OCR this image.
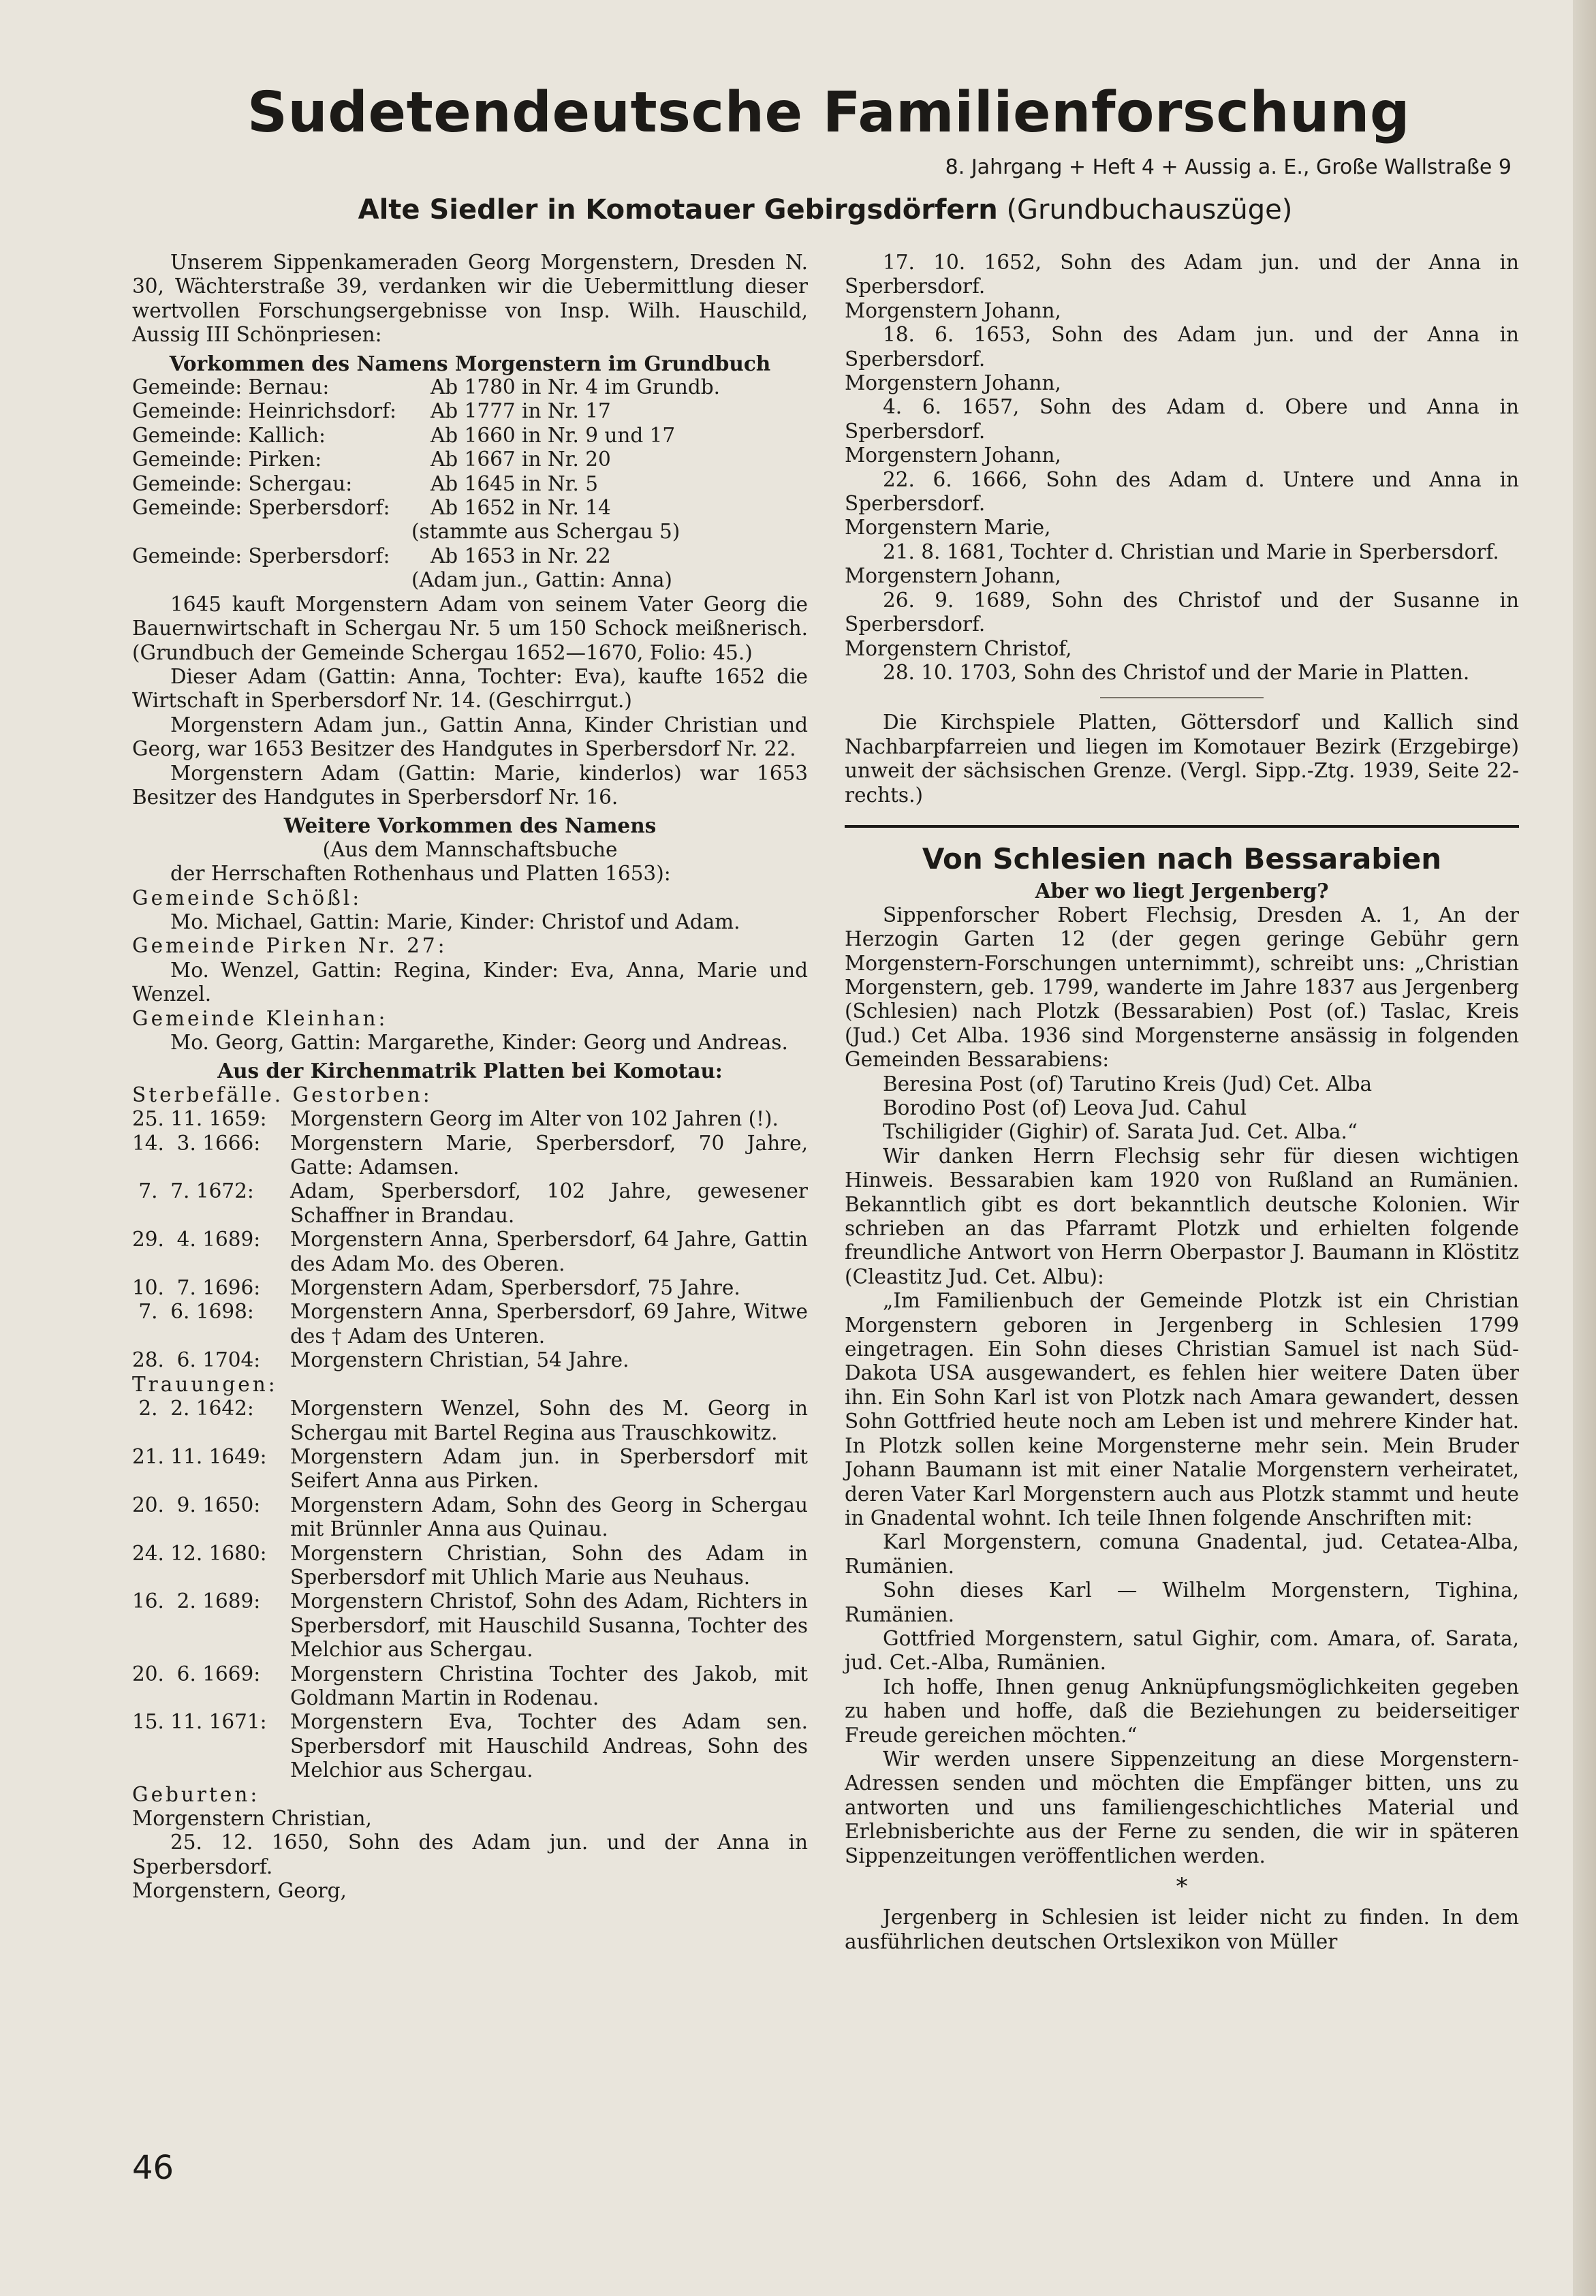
Sudetendeutsche Familienforschung
8. Jahrgang + Heft 4 + Aussig a. E., Große Wallstraße 9
Alte Siedler in Komotauer Gebirgsdörfern (Grundbuchauszüge)

Unserem Sippenkameraden Georg Morgenstern, Dresden N. 30, Wächterstraße 39, verdanken wir die Uebermittlung dieser wertvollen Forschungsergebnisse von Insp. Wilh. Hauschild, Aussig III Schönpriesen:

Vorkommen des Namens Morgenstern im Grundbuch

Gemeinde: Bernau:	Ab 1780 in Nr. 4 im Grundb.
Gemeinde: Heinrichsdorf:	Ab 1777 in Nr. 17
Gemeinde: Kallich:	Ab 1660 in Nr. 9 und 17
Gemeinde: Pirken:	Ab 1667 in Nr. 20
Gemeinde: Schergau:	Ab 1645 in Nr. 5
Gemeinde: Sperbersdorf:	Ab 1652 in Nr. 14
(stammte aus Schergau 5)
Gemeinde: Sperbersdorf:	Ab 1653 in Nr. 22
(Adam jun., Gattin: Anna)

1645 kauft Morgenstern Adam von seinem Vater Georg die Bauernwirtschaft in Schergau Nr. 5 um 150 Schock meißnerisch. (Grundbuch der Gemeinde Schergau 1652—1670, Folio: 45.)

Dieser Adam (Gattin: Anna, Tochter: Eva), kaufte 1652 die Wirtschaft in Sperbersdorf Nr. 14. (Geschirrgut.)

Morgenstern Adam jun., Gattin Anna, Kinder Christian und Georg, war 1653 Besitzer des Handgutes in Sperbersdorf Nr. 22.

Morgenstern Adam (Gattin: Marie, kinderlos) war 1653 Besitzer des Handgutes in Sperbersdorf Nr. 16.

Weitere Vorkommen des Namens

(Aus dem Mannschaftsbuche

der Herrschaften Rothenhaus und Platten 1653):

Gemeinde Schößl:

Mo. Michael, Gattin: Marie, Kinder: Christof und Adam.

Gemeinde Pirken Nr. 27:

Mo. Wenzel, Gattin: Regina, Kinder: Eva, Anna, Marie und Wenzel.

Gemeinde Kleinhan:

Mo. Georg, Gattin: Margarethe, Kinder: Georg und Andreas.

Aus der Kirchenmatrik Platten bei Komotau:

Sterbefälle. Gestorben:

25. 11. 1659:	Morgenstern Georg im Alter von 102 Jahren (!).
14.  3. 1666:	Morgenstern Marie, Sperbersdorf, 70 Jahre, Gatte: Adamsen.
7.  7. 1672:	Adam, Sperbersdorf, 102 Jahre, gewesener Schaffner in Brandau.
29.  4. 1689:	Morgenstern Anna, Sperbersdorf, 64 Jahre, Gattin des Adam Mo. des Oberen.
10.  7. 1696:	Morgenstern Adam, Sperbersdorf, 75 Jahre.
7.  6. 1698:	Morgenstern Anna, Sperbersdorf, 69 Jahre, Witwe des † Adam des Unteren.
28.  6. 1704:	Morgenstern Christian, 54 Jahre.

Trauungen:

2.  2. 1642:	Morgenstern Wenzel, Sohn des M. Georg in Schergau mit Bartel Regina aus Trauschkowitz.
21. 11. 1649:	Morgenstern Adam jun. in Sperbersdorf mit Seifert Anna aus Pirken.
20.  9. 1650:	Morgenstern Adam, Sohn des Georg in Schergau mit Brünnler Anna aus Quinau.
24. 12. 1680:	Morgenstern Christian, Sohn des Adam in Sperbersdorf mit Uhlich Marie aus Neuhaus.
16.  2. 1689:	Morgenstern Christof, Sohn des Adam, Richters in Sperbersdorf, mit Hauschild Susanna, Tochter des Melchior aus Schergau.
20.  6. 1669:	Morgenstern Christina Tochter des Jakob, mit Goldmann Martin in Rodenau.
15. 11. 1671:	Morgenstern Eva, Tochter des Adam sen. Sperbersdorf mit Hauschild Andreas, Sohn des Melchior aus Schergau.

Geburten:

Morgenstern Christian,

25. 12. 1650, Sohn des Adam jun. und der Anna in Sperbersdorf.

Morgenstern, Georg,

17. 10. 1652, Sohn des Adam jun. und der Anna in Sperbersdorf.

Morgenstern Johann,

18. 6. 1653, Sohn des Adam jun. und der Anna in Sperbersdorf.

Morgenstern Johann,

4. 6. 1657, Sohn des Adam d. Obere und Anna in Sperbersdorf.

Morgenstern Johann,

22. 6. 1666, Sohn des Adam d. Untere und Anna in Sperbersdorf.

Morgenstern Marie,

21. 8. 1681, Tochter d. Christian und Marie in Sperbersdorf.

Morgenstern Johann,

26. 9. 1689, Sohn des Christof und der Susanne in Sperbersdorf.

Morgenstern Christof,

28. 10. 1703, Sohn des Christof und der Marie in Platten.

Die Kirchspiele Platten, Göttersdorf und Kallich sind Nachbarpfarreien und liegen im Komotauer Bezirk (Erzgebirge) unweit der sächsischen Grenze. (Vergl. Sipp.-Ztg. 1939, Seite 22-rechts.)

Von Schlesien nach Bessarabien

Aber wo liegt Jergenberg?

Sippenforscher Robert Flechsig, Dresden A. 1, An der Herzogin Garten 12 (der gegen geringe Gebühr gern Morgenstern-Forschungen unternimmt), schreibt uns: „Christian Morgenstern, geb. 1799, wanderte im Jahre 1837 aus Jergenberg (Schlesien) nach Plotzk (Bessarabien) Post (of.) Taslac, Kreis (Jud.) Cet Alba. 1936 sind Morgensterne ansässig in folgenden Gemeinden Bessarabiens:

Beresina Post (of) Tarutino Kreis (Jud) Cet. Alba

Borodino Post (of) Leova Jud. Cahul

Tschiligider (Gighir) of. Sarata Jud. Cet. Alba.“

Wir danken Herrn Flechsig sehr für diesen wichtigen Hinweis. Bessarabien kam 1920 von Rußland an Rumänien. Bekanntlich gibt es dort bekanntlich deutsche Kolonien. Wir schrieben an das Pfarramt Plotzk und erhielten folgende freundliche Antwort von Herrn Oberpastor J. Baumann in Klöstitz (Cleastitz Jud. Cet. Albu):

„Im Familienbuch der Gemeinde Plotzk ist ein Christian Morgenstern geboren in Jergenberg in Schlesien 1799 eingetragen. Ein Sohn dieses Christian Samuel ist nach Süd-Dakota USA ausgewandert, es fehlen hier weitere Daten über ihn. Ein Sohn Karl ist von Plotzk nach Amara gewandert, dessen Sohn Gottfried heute noch am Leben ist und mehrere Kinder hat. In Plotzk sollen keine Morgensterne mehr sein. Mein Bruder Johann Baumann ist mit einer Natalie Morgenstern verheiratet, deren Vater Karl Morgenstern auch aus Plotzk stammt und heute in Gnadental wohnt. Ich teile Ihnen folgende Anschriften mit:

Karl Morgenstern, comuna Gnadental, jud. Cetatea-Alba, Rumänien.

Sohn dieses Karl — Wilhelm Morgenstern, Tighina, Rumänien.

Gottfried Morgenstern, satul Gighir, com. Amara, of. Sarata, jud. Cet.-Alba, Rumänien.

Ich hoffe, Ihnen genug Anknüpfungsmöglichkeiten gegeben zu haben und hoffe, daß die Beziehungen zu beiderseitiger Freude gereichen möchten.“

Wir werden unsere Sippenzeitung an diese Morgenstern-Adressen senden und möchten die Empfänger bitten, uns zu antworten und uns familiengeschichtliches Material und Erlebnisberichte aus der Ferne zu senden, die wir in späteren Sippenzeitungen veröffentlichen werden.

*

Jergenberg in Schlesien ist leider nicht zu finden. In dem ausführlichen deutschen Ortslexikon von Müller

46
